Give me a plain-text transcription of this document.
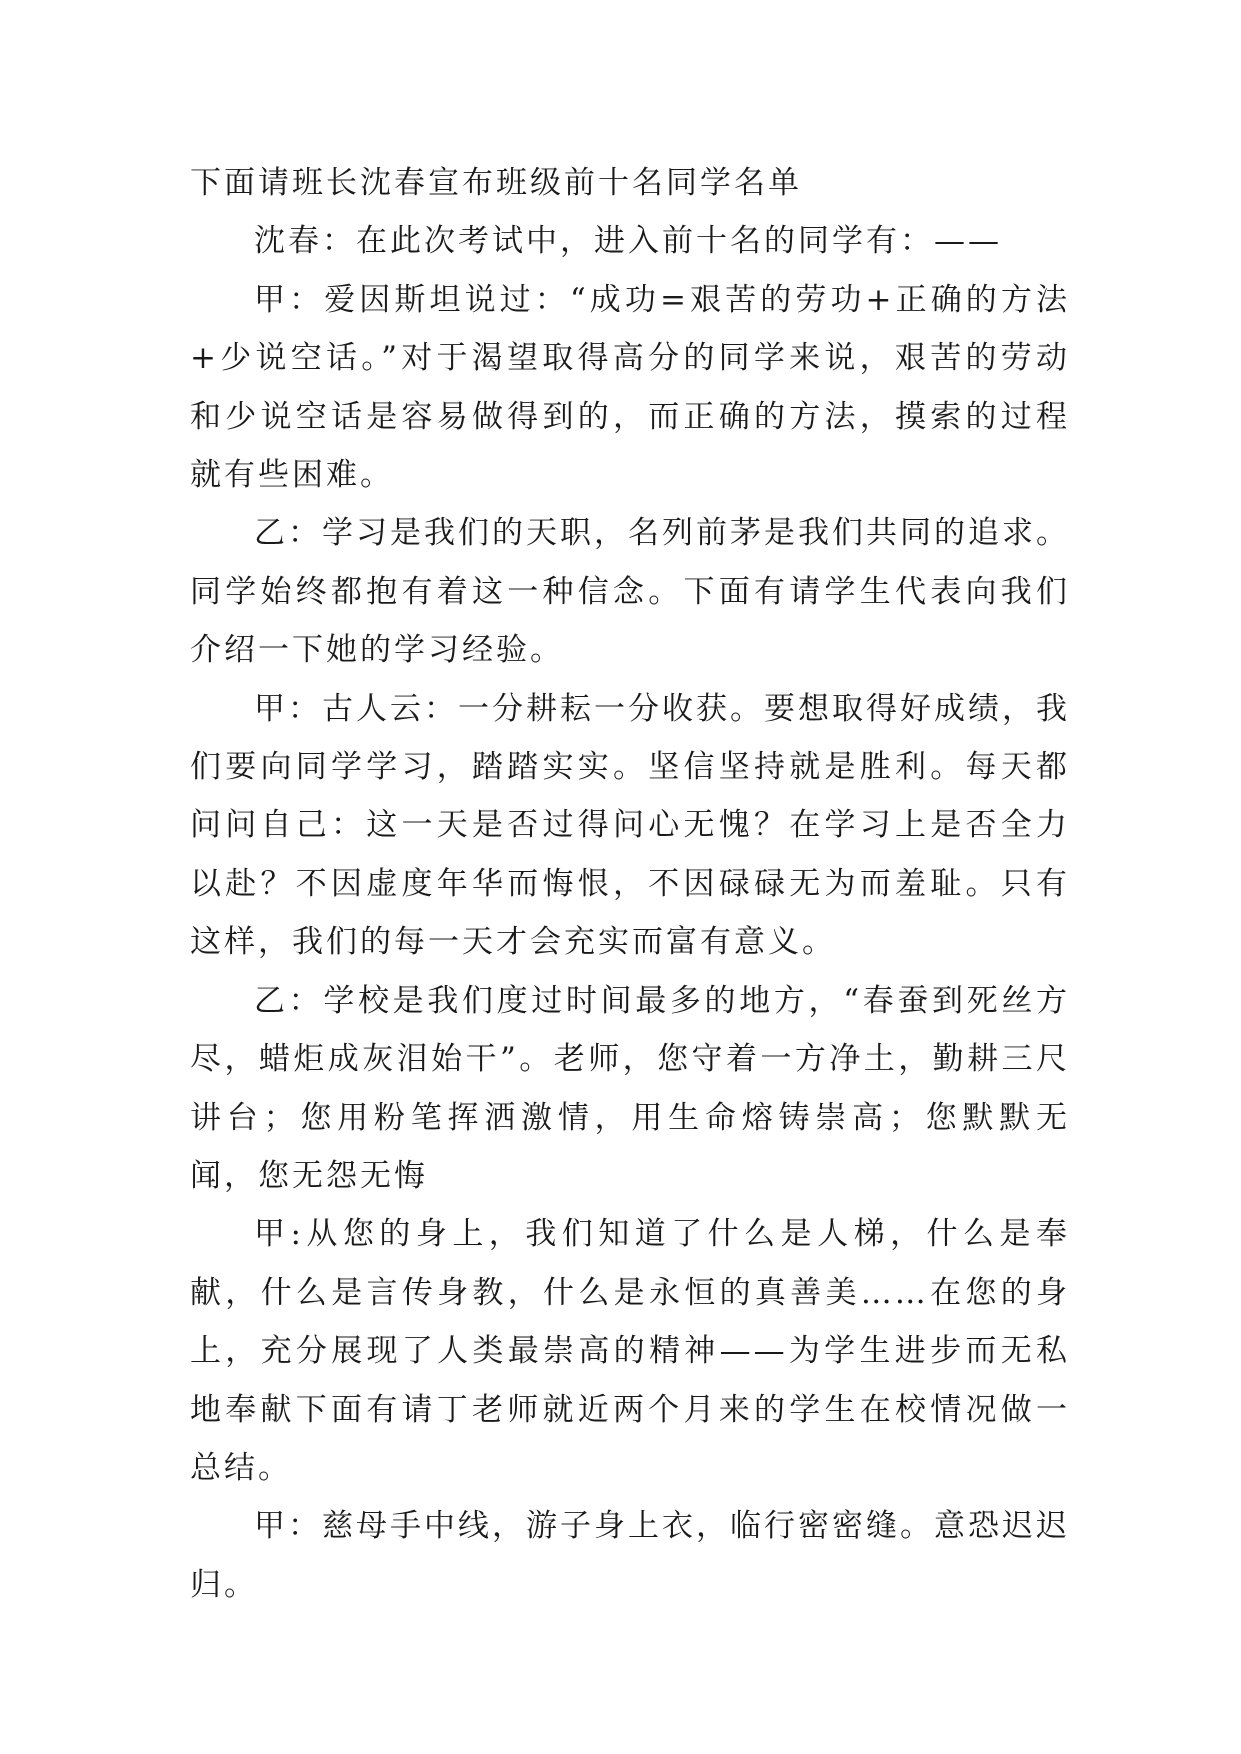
下面请班长沈春宣布班级前十名同学名单

沈春：在此次考试中，进入前十名的同学有：——

甲：爱因斯坦说过：“成功=艰苦的劳功+正确的方法+少说空话。”对于渴望取得高分的同学来说，艰苦的劳动和少说空话是容易做得到的，而正确的方法，摸索的过程就有些困难。

乙：学习是我们的天职，名列前茅是我们共同的追求。同学始终都抱有着这一种信念。下面有请学生代表向我们介绍一下她的学习经验。

甲：古人云：一分耕耘一分收获。要想取得好成绩，我们要向同学学习，踏踏实实。坚信坚持就是胜利。每天都问问自己：这一天是否过得问心无愧？在学习上是否全力以赴？不因虚度年华而悔恨，不因碌碌无为而羞耻。只有这样，我们的每一天才会充实而富有意义。

乙：学校是我们度过时间最多的地方，“春蚕到死丝方尽，蜡炬成灰泪始干”。老师，您守着一方净土，勤耕三尺讲台；您用粉笔挥洒激情，用生命熔铸崇高；您默默无闻，您无怨无悔

甲:从您的身上，我们知道了什么是人梯，什么是奉献，什么是言传身教，什么是永恒的真善美……在您的身上，充分展现了人类最崇高的精神——为学生进步而无私地奉献下面有请丁老师就近两个月来的学生在校情况做一总结。

甲：慈母手中线，游子身上衣，临行密密缝。意恐迟迟归。
